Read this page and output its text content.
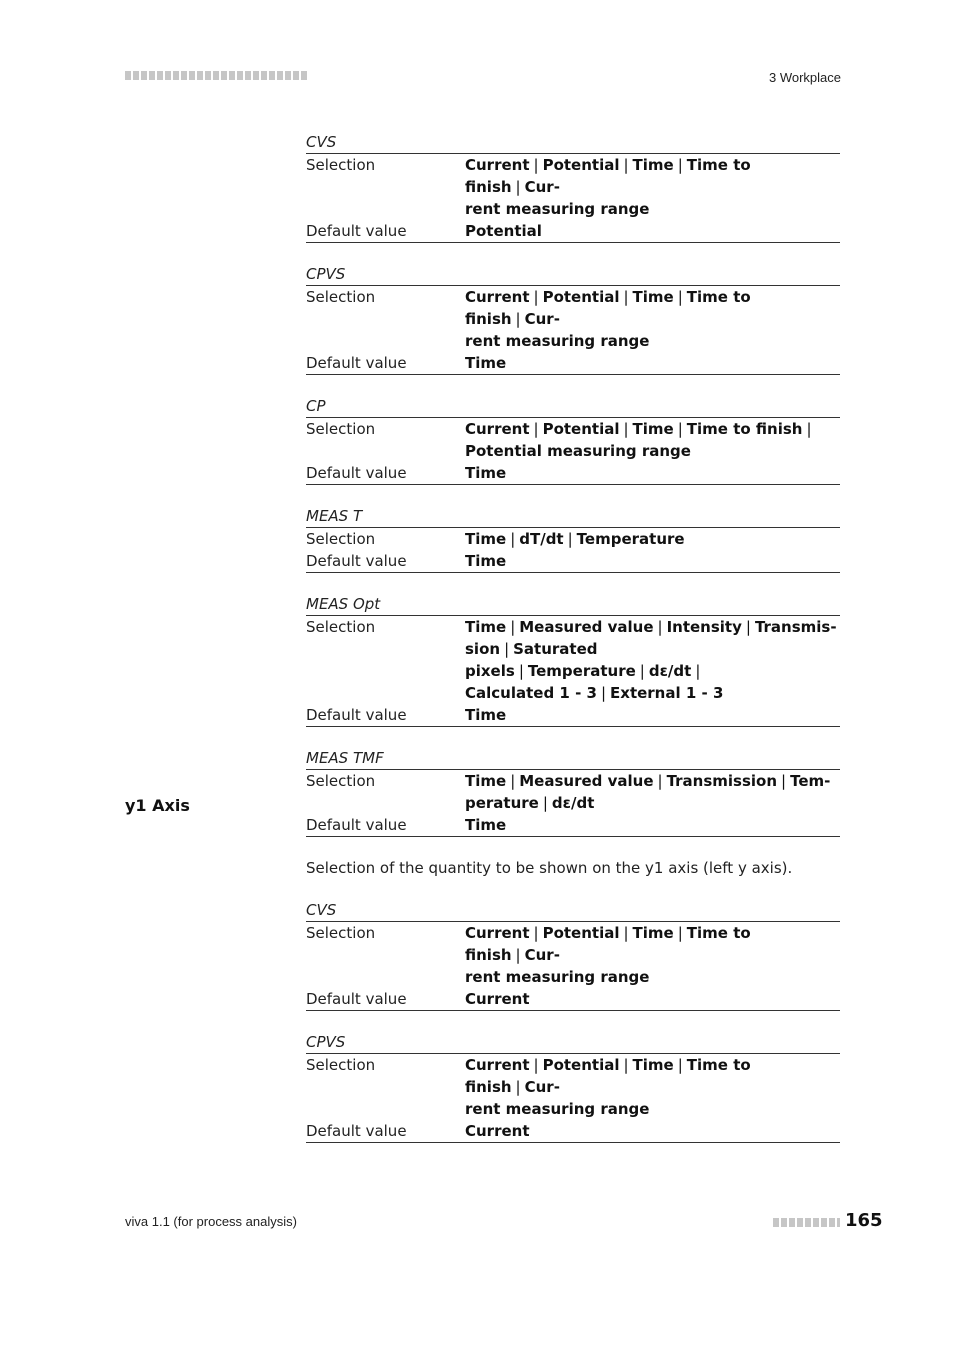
3 Workplace
CVS
Selection	Current | Potential | Time | Time to finish | Cur-
rent measuring range
Default value	Potential
CPVS
Selection	Current | Potential | Time | Time to finish | Cur-
rent measuring range
Default value	Time
CP
Selection	Current | Potential | Time | Time to finish |
Potential measuring range
Default value	Time
MEAS T
Selection	Time | dT/dt | Temperature
Default value	Time
MEAS Opt
Selection	Time | Measured value | Intensity | Transmis-
sion | Saturated pixels | Temperature | dε/dt |
Calculated 1 - 3 | External 1 - 3
Default value	Time
MEAS TMF
Selection	Time | Measured value | Transmission | Tem-
perature | dε/dt
Default value	Time

Selection of the quantity to be shown on the y1 axis (left y axis).

CVS
Selection	Current | Potential | Time | Time to finish | Cur-
rent measuring range
Default value	Current
CPVS
Selection	Current | Potential | Time | Time to finish | Cur-
rent measuring range
Default value	Current
y1 Axis
viva 1.1 (for process analysis)	165
